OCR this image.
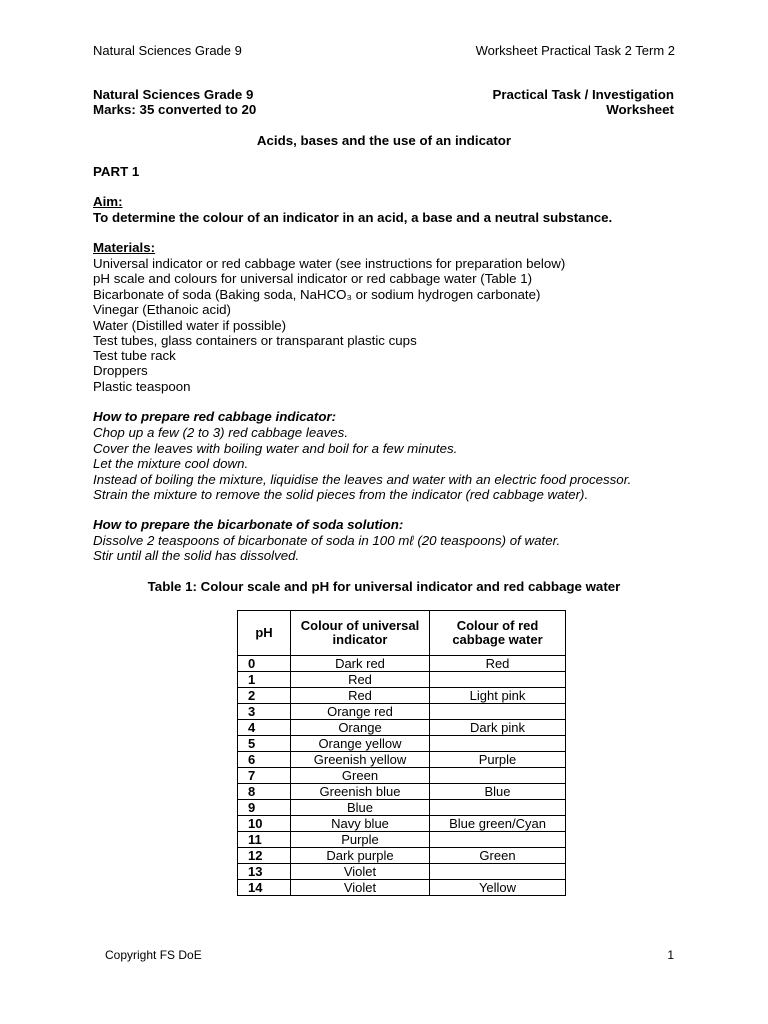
Natural Sciences Grade 9	Worksheet Practical Task 2 Term 2
Natural Sciences Grade 9
Marks: 35 converted to 20
Practical Task / Investigation
Worksheet
Acids, bases and the use of an indicator
PART 1
Aim:
To determine the colour of an indicator in an acid, a base and a neutral substance.
Materials:
Universal indicator or red cabbage water (see instructions for preparation below)
pH scale and colours for universal indicator or red cabbage water (Table 1)
Bicarbonate of soda (Baking soda, NaHCO₃ or sodium hydrogen carbonate)
Vinegar (Ethanoic acid)
Water (Distilled water if possible)
Test tubes, glass containers or transparant plastic cups
Test tube rack
Droppers
Plastic teaspoon
How to prepare red cabbage indicator:
Chop up a few (2 to 3) red cabbage leaves.
Cover the leaves with boiling water and boil for a few minutes.
Let the mixture cool down.
Instead of boiling the mixture, liquidise the leaves and water with an electric food processor.
Strain the mixture to remove the solid pieces from the indicator (red cabbage water).
How to prepare the bicarbonate of soda solution:
Dissolve 2 teaspoons of bicarbonate of soda in 100 mℓ (20 teaspoons) of water.
Stir until all the solid has dissolved.
Table 1: Colour scale and pH for universal indicator and red cabbage water
pH	Colour of universal indicator	Colour of red cabbage water
0	Dark red	Red
1	Red	
2	Red	Light pink
3	Orange red	
4	Orange	Dark pink
5	Orange yellow	
6	Greenish yellow	Purple
7	Green	
8	Greenish blue	Blue
9	Blue	
10	Navy blue	Blue green/Cyan
11	Purple	
12	Dark purple	Green
13	Violet	
14	Violet	Yellow
Copyright FS DoE	1
